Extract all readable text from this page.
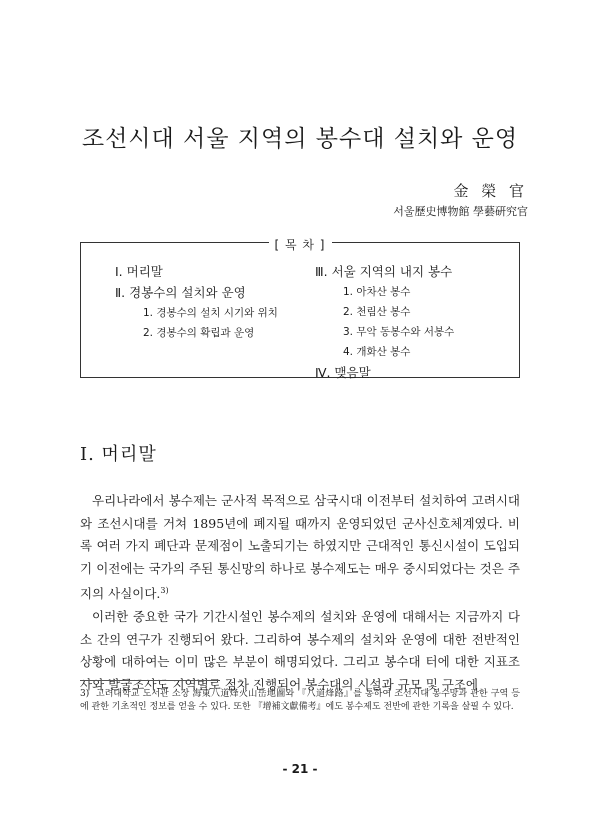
조선시대 서울 지역의 봉수대 설치와 운영
金 榮 官
서울歷史博物館 學藝硏究官
[ 목 차 ]
Ⅰ. 머리말
Ⅱ. 경봉수의 설치와 운영
1. 경봉수의 설치 시기와 위치
2. 경봉수의 확립과 운영
Ⅲ. 서울 지역의 내지 봉수
1. 아차산 봉수
2. 천림산 봉수
3. 무악 동봉수와 서봉수
4. 개화산 봉수
Ⅳ. 맺음말
Ⅰ. 머리말

우리나라에서 봉수제는 군사적 목적으로 삼국시대 이전부터 설치하여 고려시대와 조선시대를 거쳐 1895년에 폐지될 때까지 운영되었던 군사신호체계였다. 비록 여러 가지 폐단과 문제점이 노출되기는 하였지만 근대적인 통신시설이 도입되기 이전에는 국가의 주된 통신망의 하나로 봉수제도는 매우 중시되었다는 것은 주지의 사실이다.$^{3)}$

이러한 중요한 국가 기간시설인 봉수제의 설치와 운영에 대해서는 지금까지 다소 간의 연구가 진행되어 왔다. 그리하여 봉수제의 설치와 운영에 대한 전반적인 상황에 대하여는 이미 많은 부분이 해명되었다. 그리고 봉수대 터에 대한 지표조사와 발굴조사도 지역별로 점차 진행되어 봉수대의 시설과 규모 및 구조에

3) 고려대학교 도서관 소장 海東八道烽火山岳地圖와 『八道烽路』를 통하여 조선시대 봉수망과 관한 구역 등에 관한 기초적인 정보를 얻을 수 있다. 또한 『增補文獻備考』에도 봉수제도 전반에 관한 기록을 살필 수 있다.
- 21 -
